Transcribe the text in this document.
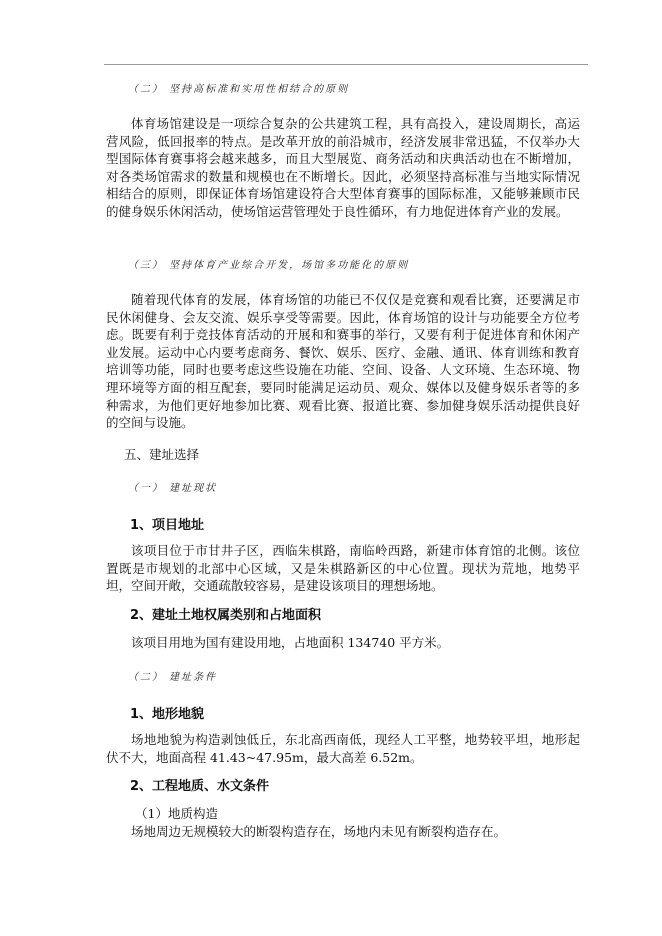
（二） 坚持高标准和实用性相结合的原则
体育场馆建设是一项综合复杂的公共建筑工程，具有高投入，建设周期长，高运营风险，低回报率的特点。是改革开放的前沿城市，经济发展非常迅猛，不仅举办大型国际体育赛事将会越来越多，而且大型展览、商务活动和庆典活动也在不断增加，对各类场馆需求的数量和规模也在不断增长。因此，必须坚持高标准与当地实际情况相结合的原则，即保证体育场馆建设符合大型体育赛事的国际标准，又能够兼顾市民的健身娱乐休闲活动，使场馆运营管理处于良性循环，有力地促进体育产业的发展。
（三） 坚持体育产业综合开发，场馆多功能化的原则
随着现代体育的发展，体育场馆的功能已不仅仅是竞赛和观看比赛，还要满足市民休闲健身、会友交流、娱乐享受等需要。因此，体育场馆的设计与功能要全方位考虑。既要有利于竞技体育活动的开展和和赛事的举行，又要有利于促进体育和休闲产业发展。运动中心内要考虑商务、餐饮、娱乐、医疗、金融、通讯、体育训练和教育培训等功能，同时也要考虑这些设施在功能、空间、设备、人文环境、生态环境、物理环境等方面的相互配套，要同时能满足运动员、观众、媒体以及健身娱乐者等的多种需求，为他们更好地参加比赛、观看比赛、报道比赛、参加健身娱乐活动提供良好的空间与设施。
五、建址选择
（一） 建址现状
1、项目地址
该项目位于市甘井子区，西临朱棋路，南临岭西路，新建市体育馆的北侧。该位置既是市规划的北部中心区域，又是朱棋路新区的中心位置。现状为荒地，地势平坦，空间开敞，交通疏散较容易，是建设该项目的理想场地。
2、建址土地权属类别和占地面积
该项目用地为国有建设用地，占地面积 134740 平方米。
（二） 建址条件
1、地形地貌
场地地貌为构造剥蚀低丘，东北高西南低，现经人工平整，地势较平坦，地形起伏不大，地面高程 41.43~47.95m，最大高差 6.52m。
2、工程地质、水文条件
（1）地质构造
场地周边无规模较大的断裂构造存在，场地内未见有断裂构造存在。
